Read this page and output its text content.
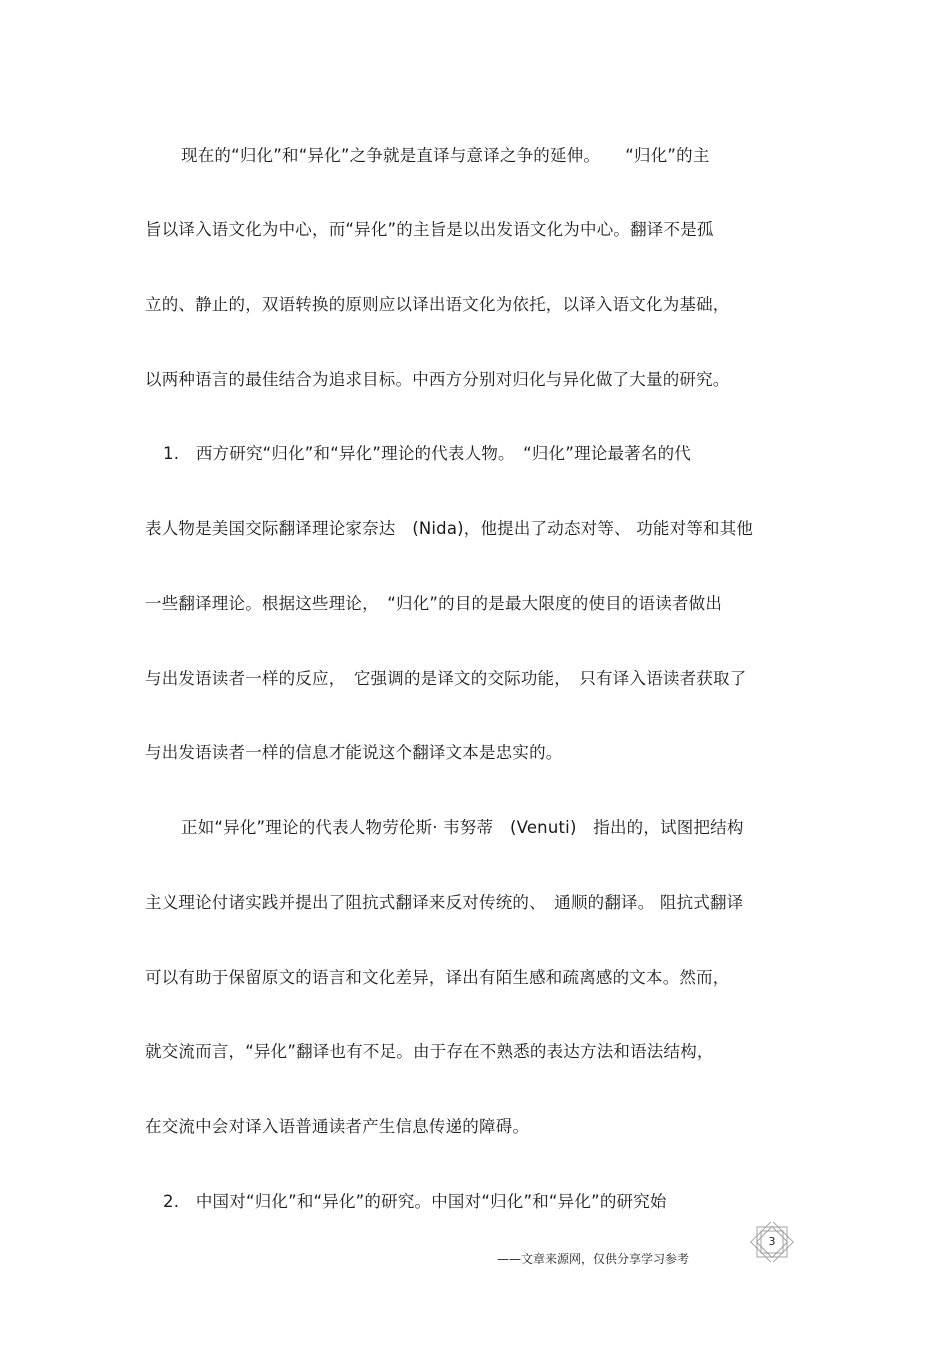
现在的“归化”和“异化”之争就是直译与意译之争的延伸。　　“归化”的主
旨以译入语文化为中心，而“异化”的主旨是以出发语文化为中心。翻译不是孤
立的、静止的，双语转换的原则应以译出语文化为依托，以译入语文化为基础，
以两种语言的最佳结合为追求目标。中西方分别对归化与异化做了大量的研究。
1.　西方研究“归化”和“异化”理论的代表人物。　“归化”理论最著名的代
表人物是美国交际翻译理论家奈达　(Nida)，他提出了动态对等、 功能对等和其他
一些翻译理论。根据这些理论，　“归化”的目的是最大限度的使目的语读者做出
与出发语读者一样的反应，　它强调的是译文的交际功能，　只有译入语读者获取了
与出发语读者一样的信息才能说这个翻译文本是忠实的。
正如“异化”理论的代表人物劳伦斯· 韦努蒂　(Venuti)　指出的，试图把结构
主义理论付诸实践并提出了阻抗式翻译来反对传统的、　通顺的翻译。 阻抗式翻译
可以有助于保留原文的语言和文化差异，译出有陌生感和疏离感的文本。然而，
就交流而言，“异化”翻译也有不足。由于存在不熟悉的表达方法和语法结构，
在交流中会对译入语普通读者产生信息传递的障碍。
2.　中国对“归化”和“异化”的研究。中国对“归化”和“异化”的研究始
3
——文章来源网，仅供分享学习参考
